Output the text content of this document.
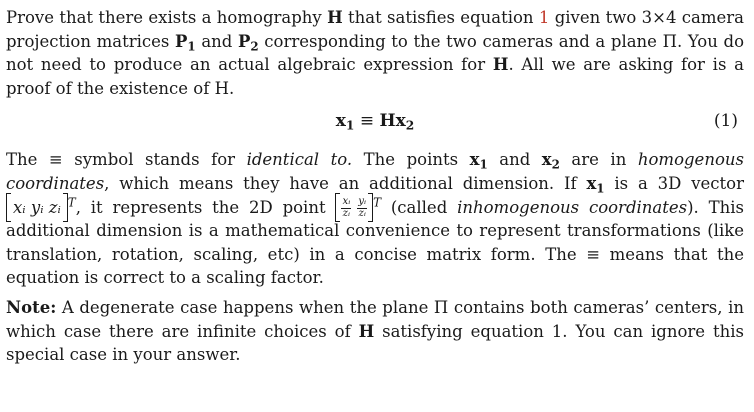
Prove that there exists a homography H that satisfies equation 1 given two 3×4 camera projection matrices $P_1$ and $P_2$ corresponding to the two cameras and a plane Π. You do not need to produce an actual algebraic expression for H. All we are asking for is a proof of the existence of H.

$x_1 \equiv Hx_2$	(1)

The ≡ symbol stands for identical to. The points $x_1$ and $x_2$ are in homogenous coordinates, which means they have an additional dimension. If $x_1$ is a 3D vector xᵢ yᵢ zᵢ $^T$, it represents the 2D point $\frac{\text{xᵢ}}{\text{zᵢ}} \frac{\text{yᵢ}}{\text{zᵢ}} ^T$ (called inhomogenous coordinates). This additional dimension is a mathematical convenience to represent transformations (like translation, rotation, scaling, etc) in a concise matrix form. The ≡ means that the equation is correct to a scaling factor.

Note: A degenerate case happens when the plane Π contains both cameras’ centers, in which case there are infinite choices of H satisfying equation 1. You can ignore this special case in your answer.
